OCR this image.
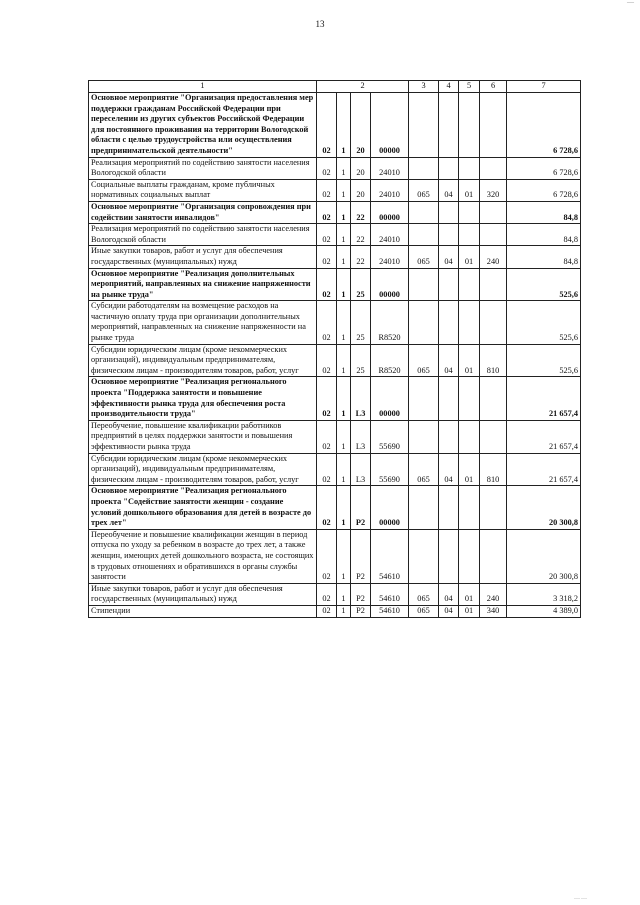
13
—
……
1	2				3	4	5	6	7
Основное мероприятие "Организация предоставления мер поддержки гражданам Российской Федерации при переселении из других субъектов Российской Федерации для постоянного проживания на территории Вологодской области с целью трудоустройства или осуществления предпринимательской деятельности"	02	1	20	00000					6 728,6
Реализация мероприятий по содействию занятости населения Вологодской области	02	1	20	24010					6 728,6
Социальные выплаты гражданам, кроме публичных нормативных социальных выплат	02	1	20	24010	065	04	01	320	6 728,6
Основное мероприятие "Организация сопровождения при содействии занятости инвалидов"	02	1	22	00000					84,8
Реализация мероприятий по содействию занятости населения Вологодской области	02	1	22	24010					84,8
Иные закупки товаров, работ и услуг для обеспечения государственных (муниципальных) нужд	02	1	22	24010	065	04	01	240	84,8
Основное мероприятие "Реализация дополнительных мероприятий, направленных на снижение напряженности на рынке труда"	02	1	25	00000					525,6
Субсидии работодателям на возмещение расходов на частичную оплату труда при организации дополнительных мероприятий, направленных на снижение напряженности на рынке труда	02	1	25	R8520					525,6
Субсидии юридическим лицам (кроме некоммерческих организаций), индивидуальным предпринимателям, физическим лицам - производителям товаров, работ, услуг	02	1	25	R8520	065	04	01	810	525,6
Основное мероприятие "Реализация регионального проекта "Поддержка занятости и повышение эффективности рынка труда для обеспечения роста производительности труда"	02	1	L3	00000					21 657,4
Переобучение, повышение квалификации работников предприятий в целях поддержки занятости и повышения эффективности рынка труда	02	1	L3	55690					21 657,4
Субсидии юридическим лицам (кроме некоммерческих организаций), индивидуальным предпринимателям, физическим лицам - производителям товаров, работ, услуг	02	1	L3	55690	065	04	01	810	21 657,4
Основное мероприятие "Реализация регионального проекта "Содействие занятости женщин - создание условий дошкольного образования для детей в возрасте до трех лет"	02	1	P2	00000					20 300,8
Переобучение и повышение квалификации женщин в период отпуска по уходу за ребенком в возрасте до трех лет, а также женщин, имеющих детей дошкольного возраста, не состоящих в трудовых отношениях и обратившихся в органы службы занятости	02	1	P2	54610					20 300,8
Иные закупки товаров, работ и услуг для обеспечения государственных (муниципальных) нужд	02	1	P2	54610	065	04	01	240	3 318,2
Стипендии	02	1	P2	54610	065	04	01	340	4 389,0
